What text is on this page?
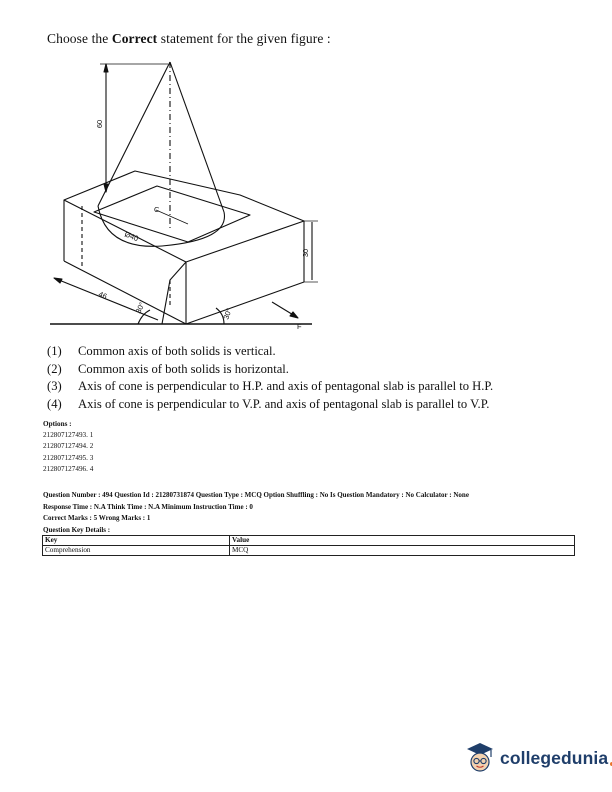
Choose the Correct statement for the given figure :
60
30
46
Ø40
30°	30°
C
F
(1)	Common axis of both solids is vertical.
(2)	Common axis of both solids is horizontal.
(3)	Axis of cone is perpendicular to H.P. and axis of pentagonal slab is parallel to H.P.
(4)	Axis of cone is perpendicular to V.P. and axis of pentagonal slab is parallel to V.P.
Options :
212807127493. 1
212807127494. 2
212807127495. 3
212807127496. 4
Question Number : 494 Question Id : 21280731874 Question Type : MCQ Option Shuffling : No Is Question Mandatory : No Calculator : None
Response Time : N.A Think Time : N.A Minimum Instruction Time : 0
Correct Marks : 5 Wrong Marks : 1
Question Key Details :
Key	Value
Comprehension	MCQ
collegedunia
